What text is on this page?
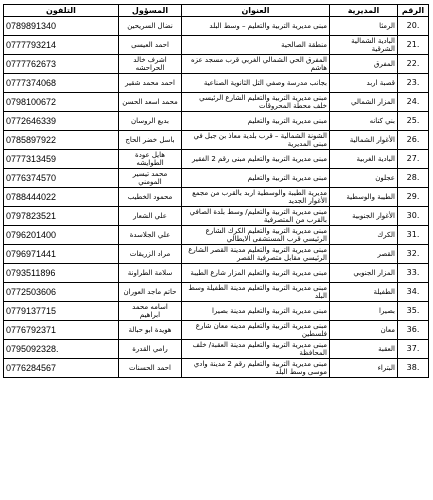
الرقم	المديرية	العنوان	المسؤول	التلفون
.20	الرمثا	مبنى مديرية التربية والتعليم – وسط البلد	نضال السريحين	0789891340
.21	البادية الشمالية الشرقية	منطقة الصالحية	احمد العيسى	0777793214
.22	المفرق	المفرق الحي الشمالي الغربي قرب مسجد عزه هاشم	اشرف خالد الحراحشه	0777762673
.23	قصبة اربد	بجانب مدرسة وصفي التل الثانوية الصناعية	احمد محمد شقير	0777374068
.24	المزار الشمالي	مبنى مديرية التربية والتعليم الشارع الرئيسي خلف محطة المحروقات	محمد اسعد الحسن	0798100672
.25	بني كنانه	مبنى مديرية التربية والتعليم	بديع الروسان	0772646339
.26	الأغوار الشمالية	الشونة الشمالية – قرب بلدية معاذ بن جبل في مبنى المديرية	باسل خضر الحاج	0785897922
.27	البادية الغربية	مبنى مديرية التربية والتعليم مبنى رقم 2 الفقير	هايل عودة الطوايشه	0777313459
.28	عجلون	مبنى مديرية التربية والتعليم	محمد تيسير المومني	0776374570
.29	الطيبة والوسطية	مديرية الطيبة والوسطية اربد بالقرب من مجمع الأغوار الجديد	محمود الخطيب	0788444022
.30	الأغوار الجنوبية	مبنى مديرية التربية والتعليم/ وسط بلدة الصافي بالقرب من المتصرفية	علي الشعار	0797823521
.31	الكرك	مبنى مديرية التربية والتعليم الكرك الشارع الرئيسي قرب المستشفى الايطالي	علي الجلاسدة	0796201400
.32	القصر	مبنى مديرية التربية والتعليم مدينة القصر الشارع الرئيسي مقابل متصرفية القصر	مراد الزريقات	0796971441
.33	المزار الجنوبي	مبنى مديرية التربية والتعليم المزار شارع الطيبة	سلامة الطراونة	0793511896
.34	الطفيلة	مبنى مديرية التربية والتعليم مدينة الطفيلة وسط البلد	حاتم ماجد العوران	0772503606
.35	بصيرا	مبنى مديرية التربية والتعليم مدينة بصيرا	اسامه محمد ابراهيم	0779137715
.36	معان	مبنى مديرية التربية والتعليم مدينه معان شارع فلسطين	هويدة ابو حبالة	0776792371
.37	العقبة	مبنى مديرية التربية والتعليم مدينة العقبة/ خلف المحافظة	رامي القدرة	0795092328.
.38	البتراء	مبنى مديرية التربية والتعليم رقم 2 مدينة وادي موسى وسط البلد	احمد الحسنات	0776284567
